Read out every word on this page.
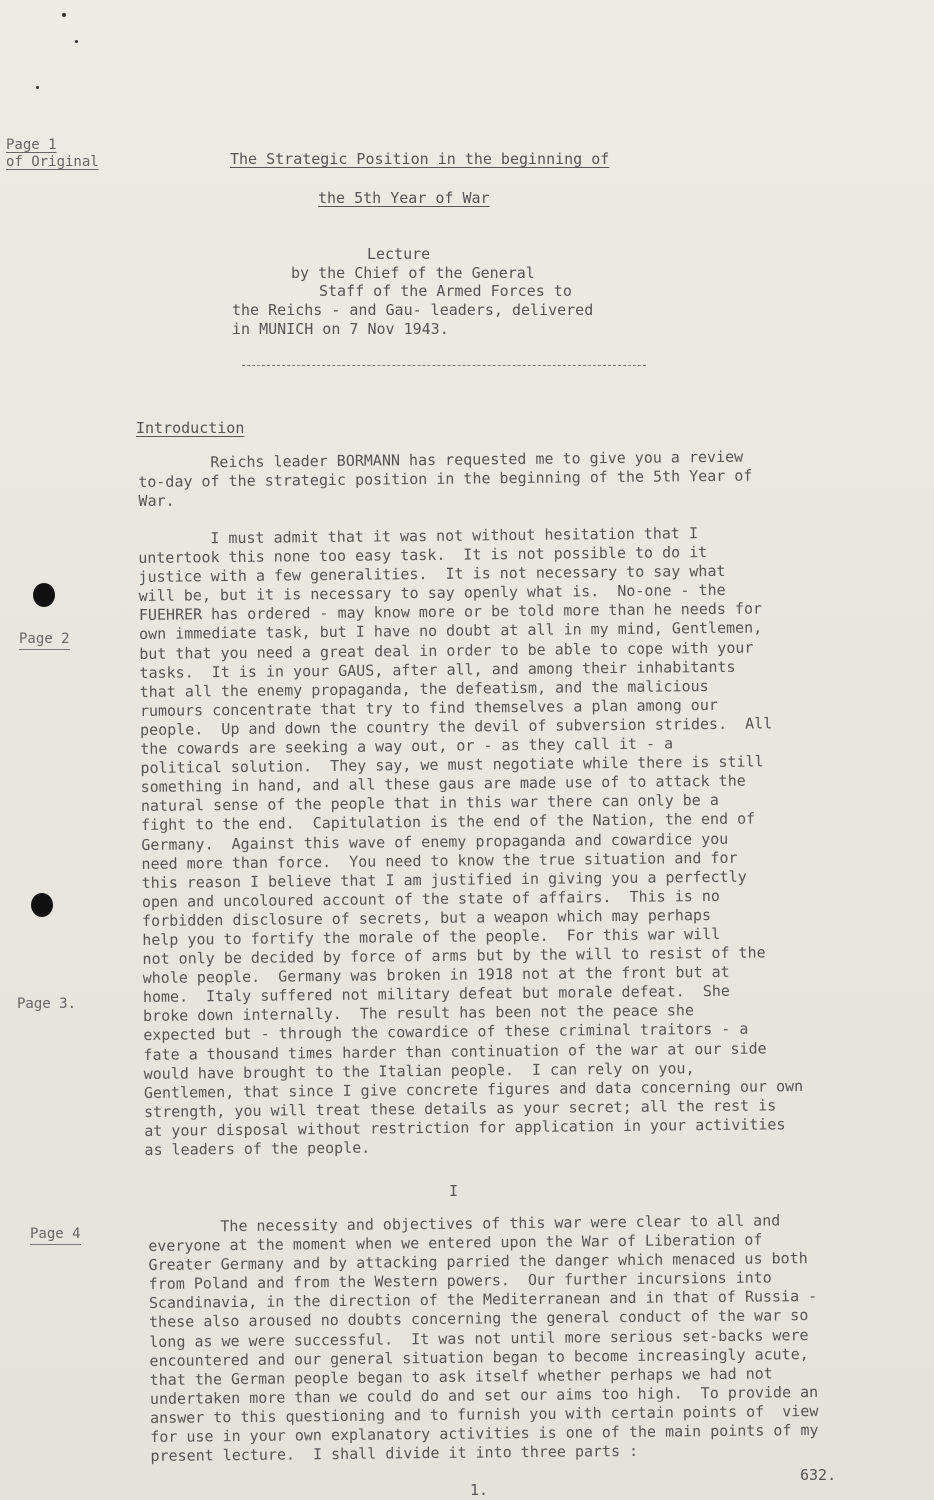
Page 1
of Original
Page 2
Page 3.
Page 4
The Strategic Position in the beginning of
the 5th Year of War
Lecture
by the Chief of the General
Staff of the Armed Forces to
the Reichs - and Gau- leaders, delivered
in MUNICH on 7 Nov 1943.
Introduction
Reichs leader BORMANN has requested me to give you a review
to-day of the strategic position in the beginning of the 5th Year of
War.
I must admit that it was not without hesitation that I
untertook this none too easy task.  It is not possible to do it
justice with a few generalities.  It is not necessary to say what
will be, but it is necessary to say openly what is.  No-one - the
FUEHRER has ordered - may know more or be told more than he needs for
own immediate task, but I have no doubt at all in my mind, Gentlemen,
but that you need a great deal in order to be able to cope with your
tasks.  It is in your GAUS, after all, and among their inhabitants
that all the enemy propaganda, the defeatism, and the malicious
rumours concentrate that try to find themselves a plan among our
people.  Up and down the country the devil of subversion strides.  All
the cowards are seeking a way out, or - as they call it - a
political solution.  They say, we must negotiate while there is still
something in hand, and all these gaus are made use of to attack the
natural sense of the people that in this war there can only be a
fight to the end.  Capitulation is the end of the Nation, the end of
Germany.  Against this wave of enemy propaganda and cowardice you
need more than force.  You need to know the true situation and for
this reason I believe that I am justified in giving you a perfectly
open and uncoloured account of the state of affairs.  This is no
forbidden disclosure of secrets, but a weapon which may perhaps
help you to fortify the morale of the people.  For this war will
not only be decided by force of arms but by the will to resist of the
whole people.  Germany was broken in 1918 not at the front but at
home.  Italy suffered not military defeat but morale defeat.  She
broke down internally.  The result has been not the peace she
expected but - through the cowardice of these criminal traitors - a
fate a thousand times harder than continuation of the war at our side
would have brought to the Italian people.  I can rely on you,
Gentlemen, that since I give concrete figures and data concerning our own
strength, you will treat these details as your secret; all the rest is
at your disposal without restriction for application in your activities
as leaders of the people.
I
The necessity and objectives of this war were clear to all and
everyone at the moment when we entered upon the War of Liberation of
Greater Germany and by attacking parried the danger which menaced us both
from Poland and from the Western powers.  Our further incursions into
Scandinavia, in the direction of the Mediterranean and in that of Russia -
these also aroused no doubts concerning the general conduct of the war so
long as we were successful.  It was not until more serious set-backs were
encountered and our general situation began to become increasingly acute,
that the German people began to ask itself whether perhaps we had not
undertaken more than we could do and set our aims too high.  To provide an
answer to this questioning and to furnish you with certain points of  view
for use in your own explanatory activities is one of the main points of my
present lecture.  I shall divide it into three parts :
1.
632.
